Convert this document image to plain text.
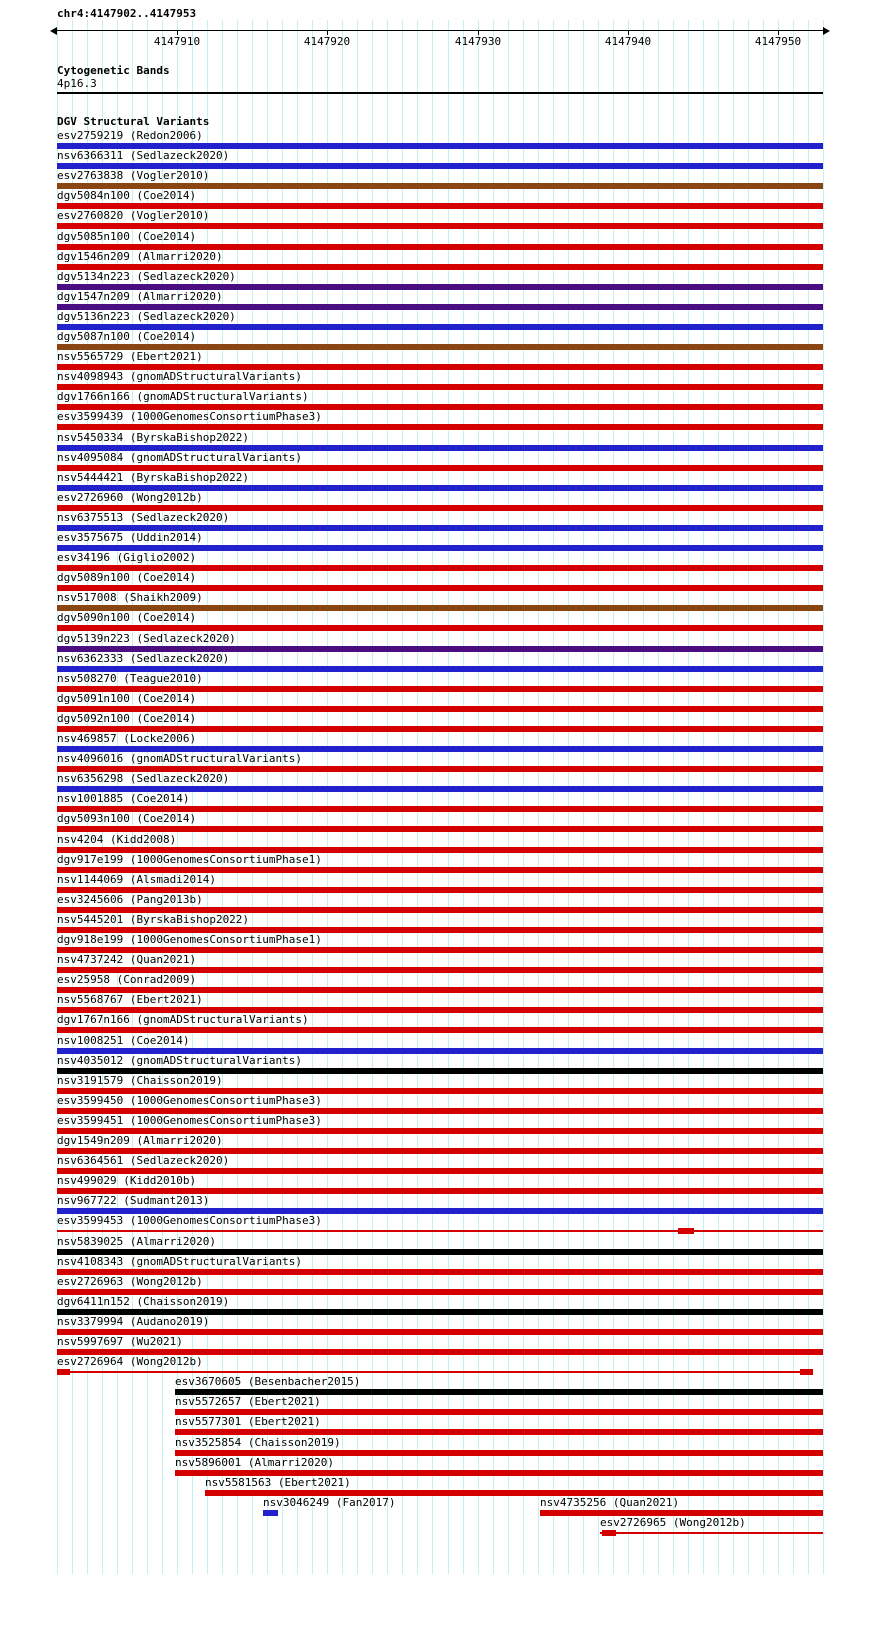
chr4:4147902..4147953
4147910	4147920	4147930	4147940	4147950
Cytogenetic Bands
4p16.3
DGV Structural Variants
esv2759219 (Redon2006)
nsv6366311 (Sedlazeck2020)
esv2763838 (Vogler2010)
dgv5084n100 (Coe2014)
esv2760820 (Vogler2010)
dgv5085n100 (Coe2014)
dgv1546n209 (Almarri2020)
dgv5134n223 (Sedlazeck2020)
dgv1547n209 (Almarri2020)
dgv5136n223 (Sedlazeck2020)
dgv5087n100 (Coe2014)
nsv5565729 (Ebert2021)
nsv4098943 (gnomADStructuralVariants)
dgv1766n166 (gnomADStructuralVariants)
esv3599439 (1000GenomesConsortiumPhase3)
nsv5450334 (ByrskaBishop2022)
nsv4095084 (gnomADStructuralVariants)
nsv5444421 (ByrskaBishop2022)
esv2726960 (Wong2012b)
nsv6375513 (Sedlazeck2020)
esv3575675 (Uddin2014)
esv34196 (Giglio2002)
dgv5089n100 (Coe2014)
nsv517008 (Shaikh2009)
dgv5090n100 (Coe2014)
dgv5139n223 (Sedlazeck2020)
nsv6362333 (Sedlazeck2020)
nsv508270 (Teague2010)
dgv5091n100 (Coe2014)
dgv5092n100 (Coe2014)
nsv469857 (Locke2006)
nsv4096016 (gnomADStructuralVariants)
nsv6356298 (Sedlazeck2020)
nsv1001885 (Coe2014)
dgv5093n100 (Coe2014)
nsv4204 (Kidd2008)
dgv917e199 (1000GenomesConsortiumPhase1)
nsv1144069 (Alsmadi2014)
esv3245606 (Pang2013b)
nsv5445201 (ByrskaBishop2022)
dgv918e199 (1000GenomesConsortiumPhase1)
nsv4737242 (Quan2021)
esv25958 (Conrad2009)
nsv5568767 (Ebert2021)
dgv1767n166 (gnomADStructuralVariants)
nsv1008251 (Coe2014)
nsv4035012 (gnomADStructuralVariants)
nsv3191579 (Chaisson2019)
esv3599450 (1000GenomesConsortiumPhase3)
esv3599451 (1000GenomesConsortiumPhase3)
dgv1549n209 (Almarri2020)
nsv6364561 (Sedlazeck2020)
nsv499029 (Kidd2010b)
nsv967722 (Sudmant2013)
esv3599453 (1000GenomesConsortiumPhase3)
nsv5839025 (Almarri2020)
nsv4108343 (gnomADStructuralVariants)
esv2726963 (Wong2012b)
dgv6411n152 (Chaisson2019)
nsv3379994 (Audano2019)
nsv5997697 (Wu2021)
esv2726964 (Wong2012b)
esv3670605 (Besenbacher2015)
nsv5572657 (Ebert2021)
nsv5577301 (Ebert2021)
nsv3525854 (Chaisson2019)
nsv5896001 (Almarri2020)
nsv5581563 (Ebert2021)
nsv3046249 (Fan2017)	nsv4735256 (Quan2021)
esv2726965 (Wong2012b)
